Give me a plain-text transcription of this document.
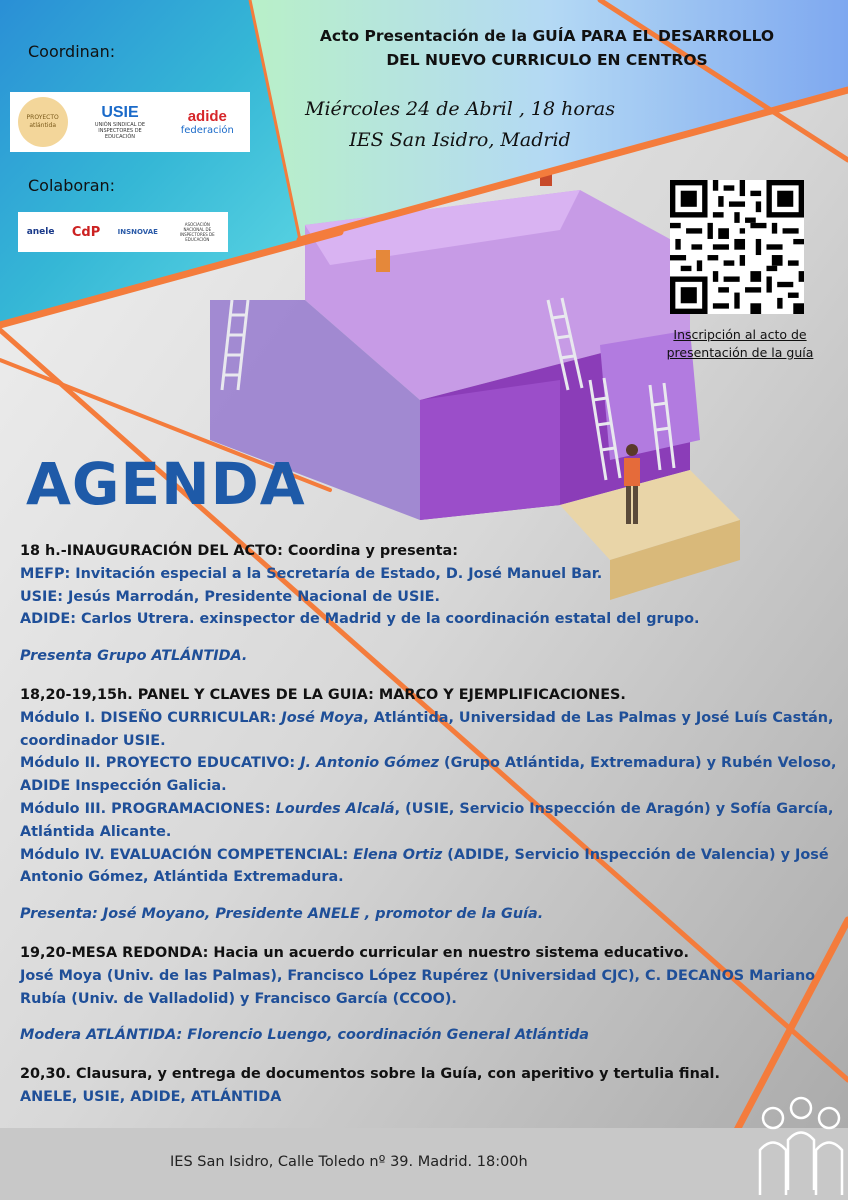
Coordinan:
PROYECTO atlántida
USIE
UNIÓN SINDICAL DE INSPECTORES DE EDUCACIÓN
adide
federación
Colaboran:
anele CdP INSNOVAE
ASOCIACIÓN NACIONAL DE INSPECTORES DE EDUCACIÓN
Acto Presentación de la GUÍA PARA EL DESARROLLO
DEL NUEVO CURRICULO EN CENTROS
Miércoles 24 de Abril , 18 horas
IES San Isidro, Madrid
Inscripción al acto de
presentación de la guía
AGENDA

18 h.-INAUGURACIÓN DEL ACTO: Coordina y presenta:

MEFP: Invitación especial a la Secretaría de Estado, D. José Manuel Bar.

USIE: Jesús Marrodán, Presidente Nacional de USIE.

ADIDE: Carlos Utrera. exinspector de Madrid y de la coordinación estatal del grupo.

Presenta Grupo ATLÁNTIDA.

18,20-19,15h. PANEL Y CLAVES DE LA GUIA: MARCO Y EJEMPLIFICACIONES.

Módulo I. DISEÑO CURRICULAR: José Moya, Atlántida, Universidad de Las Palmas y José Luís Castán, coordinador USIE.

Módulo II. PROYECTO EDUCATIVO: J. Antonio Gómez (Grupo Atlántida, Extremadura) y Rubén Veloso, ADIDE Inspección Galicia.

Módulo III. PROGRAMACIONES: Lourdes Alcalá, (USIE, Servicio Inspección de Aragón) y Sofía García, Atlántida Alicante.

Módulo IV. EVALUACIÓN COMPETENCIAL: Elena Ortiz (ADIDE, Servicio Inspección de Valencia) y José Antonio Gómez, Atlántida Extremadura.

Presenta: José Moyano, Presidente ANELE , promotor de la Guía.

19,20-MESA REDONDA: Hacia un acuerdo curricular en nuestro sistema educativo.

José Moya (Univ. de las Palmas), Francisco López Rupérez (Universidad CJC), C. DECANOS Mariano Rubía (Univ. de Valladolid) y Francisco García (CCOO).

Modera ATLÁNTIDA: Florencio Luengo, coordinación General Atlántida

20,30. Clausura, y entrega de documentos sobre la Guía, con aperitivo y tertulia final.

ANELE, USIE, ADIDE, ATLÁNTIDA

IES San Isidro, Calle Toledo nº 39. Madrid. 18:00h
